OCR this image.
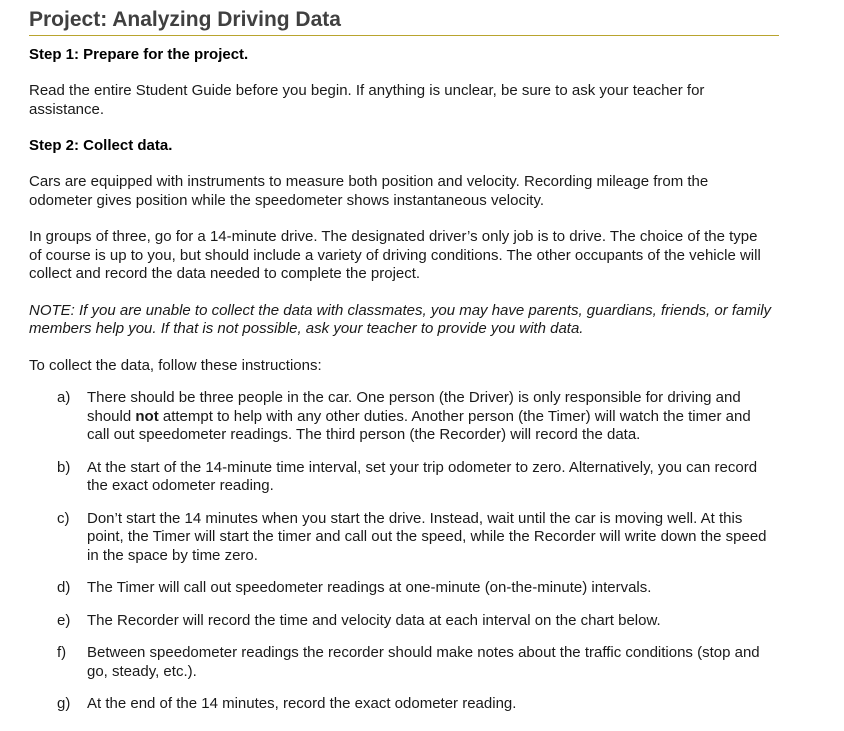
Project: Analyzing Driving Data
Step 1: Prepare for the project.

Read the entire Student Guide before you begin. If anything is unclear, be sure to ask your teacher for assistance.

Step 2: Collect data.

Cars are equipped with instruments to measure both position and velocity. Recording mileage from the odometer gives position while the speedometer shows instantaneous velocity.

In groups of three, go for a 14-minute drive. The designated driver’s only job is to drive. The choice of the type of course is up to you, but should include a variety of driving conditions. The other occupants of the vehicle will collect and record the data needed to complete the project.

NOTE: If you are unable to collect the data with classmates, you may have parents, guardians, friends, or family members help you. If that is not possible, ask your teacher to provide you with data.

To collect the data, follow these instructions:

a) There should be three people in the car. One person (the Driver) is only responsible for driving and should not attempt to help with any other duties. Another person (the Timer) will watch the timer and call out speedometer readings. The third person (the Recorder) will record the data.
b) At the start of the 14-minute time interval, set your trip odometer to zero. Alternatively, you can record the exact odometer reading.
c) Don’t start the 14 minutes when you start the drive. Instead, wait until the car is moving well. At this point, the Timer will start the timer and call out the speed, while the Recorder will write down the speed in the space by time zero.
d) The Timer will call out speedometer readings at one-minute (on-the-minute) intervals.
e) The Recorder will record the time and velocity data at each interval on the chart below.
f) Between speedometer readings the recorder should make notes about the traffic conditions (stop and go, steady, etc.).
g) At the end of the 14 minutes, record the exact odometer reading.
